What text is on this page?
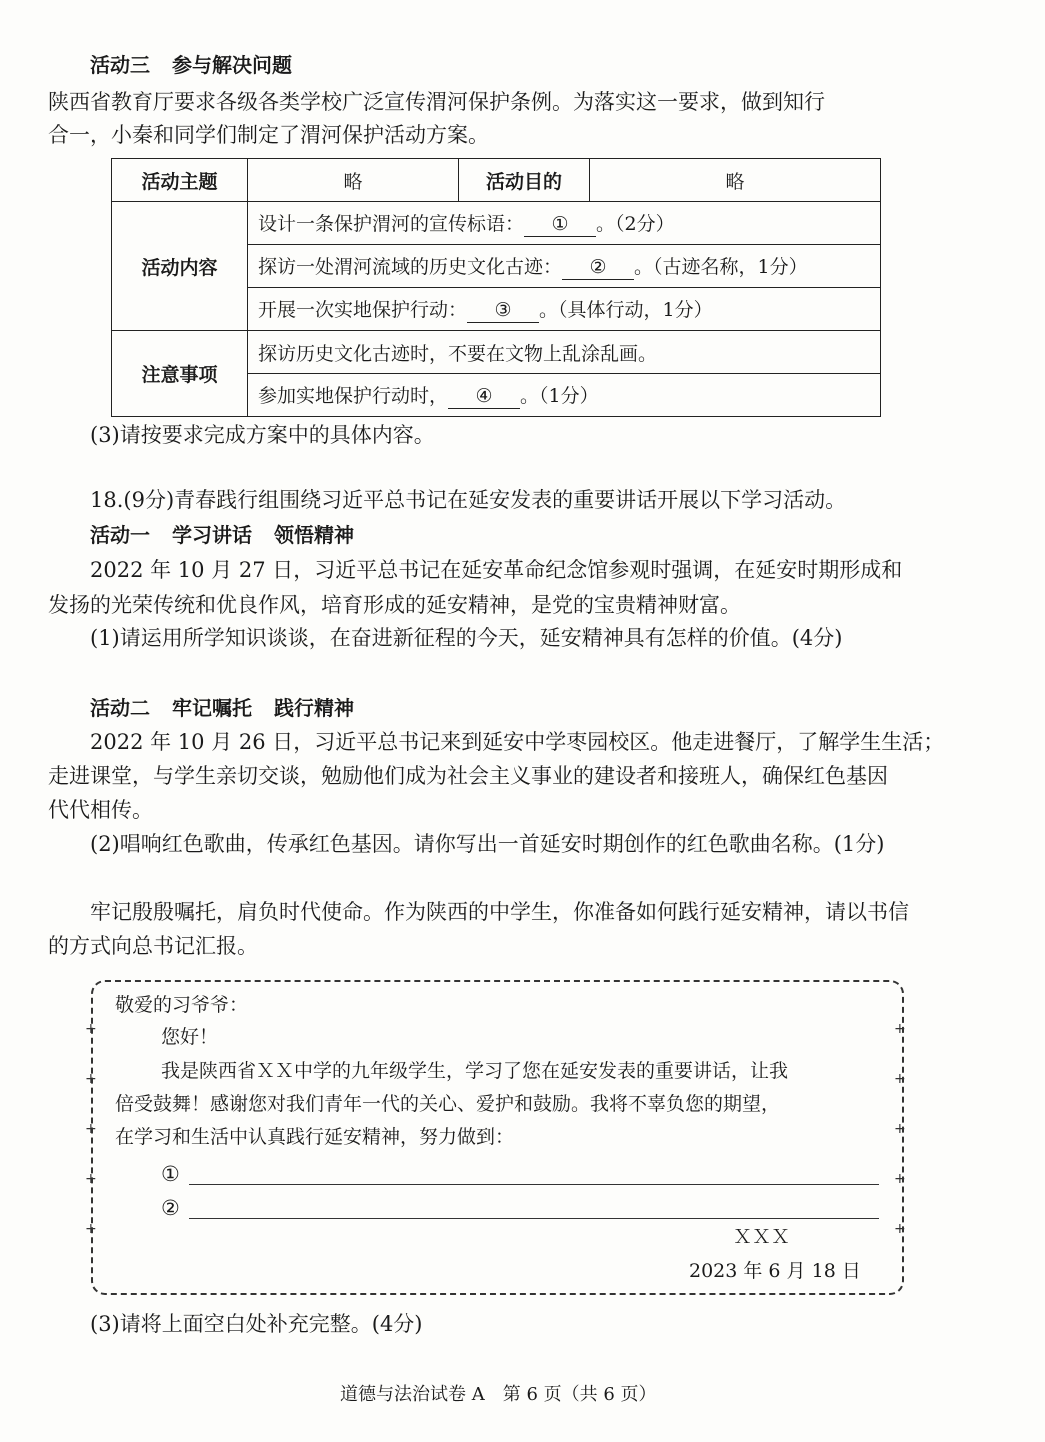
活动三 参与解决问题
陕西省教育厅要求各级各类学校广泛宣传渭河保护条例。为落实这一要求，做到知行
合一，小秦和同学们制定了渭河保护活动方案。
活动主题	略	活动目的	略
活动内容	设计一条保护渭河的宣传标语： ① 。（2分）		
	探访一处渭河流域的历史文化古迹： ② 。（古迹名称，1分）		
	开展一次实地保护行动： ③ 。（具体行动，1分）		
注意事项	探访历史文化古迹时，不要在文物上乱涂乱画。		
	参加实地保护行动时， ④ 。（1分）		
(3)请按要求完成方案中的具体内容。
18.(9分)青春践行组围绕习近平总书记在延安发表的重要讲话开展以下学习活动。
活动一 学习讲话 领悟精神
2022 年 10 月 27 日，习近平总书记在延安革命纪念馆参观时强调，在延安时期形成和
发扬的光荣传统和优良作风，培育形成的延安精神，是党的宝贵精神财富。
(1)请运用所学知识谈谈，在奋进新征程的今天，延安精神具有怎样的价值。(4分)
活动二 牢记嘱托 践行精神
2022 年 10 月 26 日，习近平总书记来到延安中学枣园校区。他走进餐厅，了解学生生活；
走进课堂，与学生亲切交谈，勉励他们成为社会主义事业的建设者和接班人，确保红色基因
代代相传。
(2)唱响红色歌曲，传承红色基因。请你写出一首延安时期创作的红色歌曲名称。(1分)
牢记殷殷嘱托，肩负时代使命。作为陕西的中学生，你准备如何践行延安精神，请以书信
的方式向总书记汇报。
敬爱的习爷爷：
您好！
我是陕西省ＸＸ中学的九年级学生，学习了您在延安发表的重要讲话，让我
倍受鼓舞！感谢您对我们青年一代的关心、爱护和鼓励。我将不辜负您的期望，
在学习和生活中认真践行延安精神，努力做到：
①
②
ＸＸＸ
2023 年 6 月 18 日
+
+
+
+
+
+
+
+
+
+
(3)请将上面空白处补充完整。(4分)
道德与法治试卷 A　第 6 页（共 6 页）
